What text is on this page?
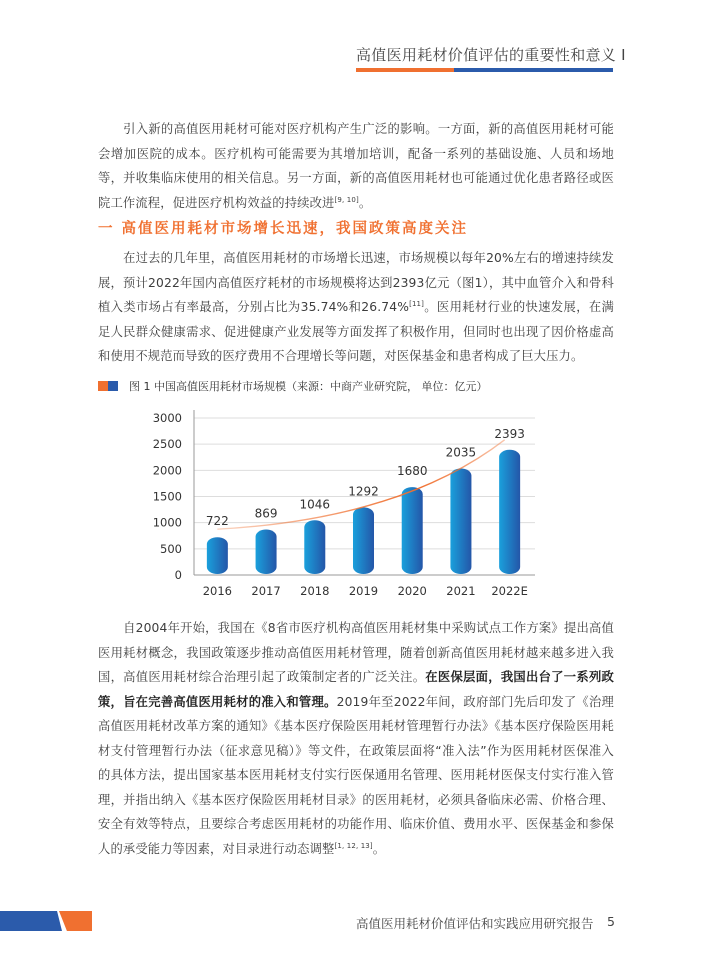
高值医用耗材价值评估的重要性和意义 I
引入新的高值医用耗材可能对医疗机构产生广泛的影响。一方面，新的高值医用耗材可能会增加医院的成本。医疗机构可能需要为其增加培训，配备一系列的基础设施、人员和场地等，并收集临床使用的相关信息。另一方面，新的高值医用耗材也可能通过优化患者路径或医院工作流程，促进医疗机构效益的持续改进[9, 10]。
一 高值医用耗材市场增长迅速，我国政策高度关注
在过去的几年里，高值医用耗材的市场增长迅速，市场规模以每年20%左右的增速持续发展，预计2022年国内高值医疗耗材的市场规模将达到2393亿元（图1），其中血管介入和骨科植入类市场占有率最高，分别占比为35.74%和26.74%[11]。医用耗材行业的快速发展，在满足人民群众健康需求、促进健康产业发展等方面发挥了积极作用，但同时也出现了因价格虚高和使用不规范而导致的医疗费用不合理增长等问题，对医保基金和患者构成了巨大压力。
图 1 中国高值医用耗材市场规模（来源：中商产业研究院， 单位：亿元）
0
500
1000
1500
2000
2500
3000
722
869
1046
1292
1680
2035
2393
2016 2017 2018 2019 2020 2021 2022E
自2004年开始，我国在《8省市医疗机构高值医用耗材集中采购试点工作方案》提出高值医用耗材概念，我国政策逐步推动高值医用耗材管理，随着创新高值医用耗材越来越多进入我国，高值医用耗材综合治理引起了政策制定者的广泛关注。在医保层面，我国出台了一系列政策，旨在完善高值医用耗材的准入和管理。2019年至2022年间，政府部门先后印发了《治理高值医用耗材改革方案的通知》《基本医疗保险医用耗材管理暂行办法》《基本医疗保险医用耗材支付管理暂行办法（征求意见稿）》等文件，在政策层面将“准入法”作为医用耗材医保准入的具体方法，提出国家基本医用耗材支付实行医保通用名管理、医用耗材医保支付实行准入管理，并指出纳入《基本医疗保险医用耗材目录》的医用耗材，必须具备临床必需、价格合理、安全有效等特点，且要综合考虑医用耗材的功能作用、临床价值、费用水平、医保基金和参保人的承受能力等因素，对目录进行动态调整[1, 12, 13]。
高值医用耗材价值评估和实践应用研究报告 5
